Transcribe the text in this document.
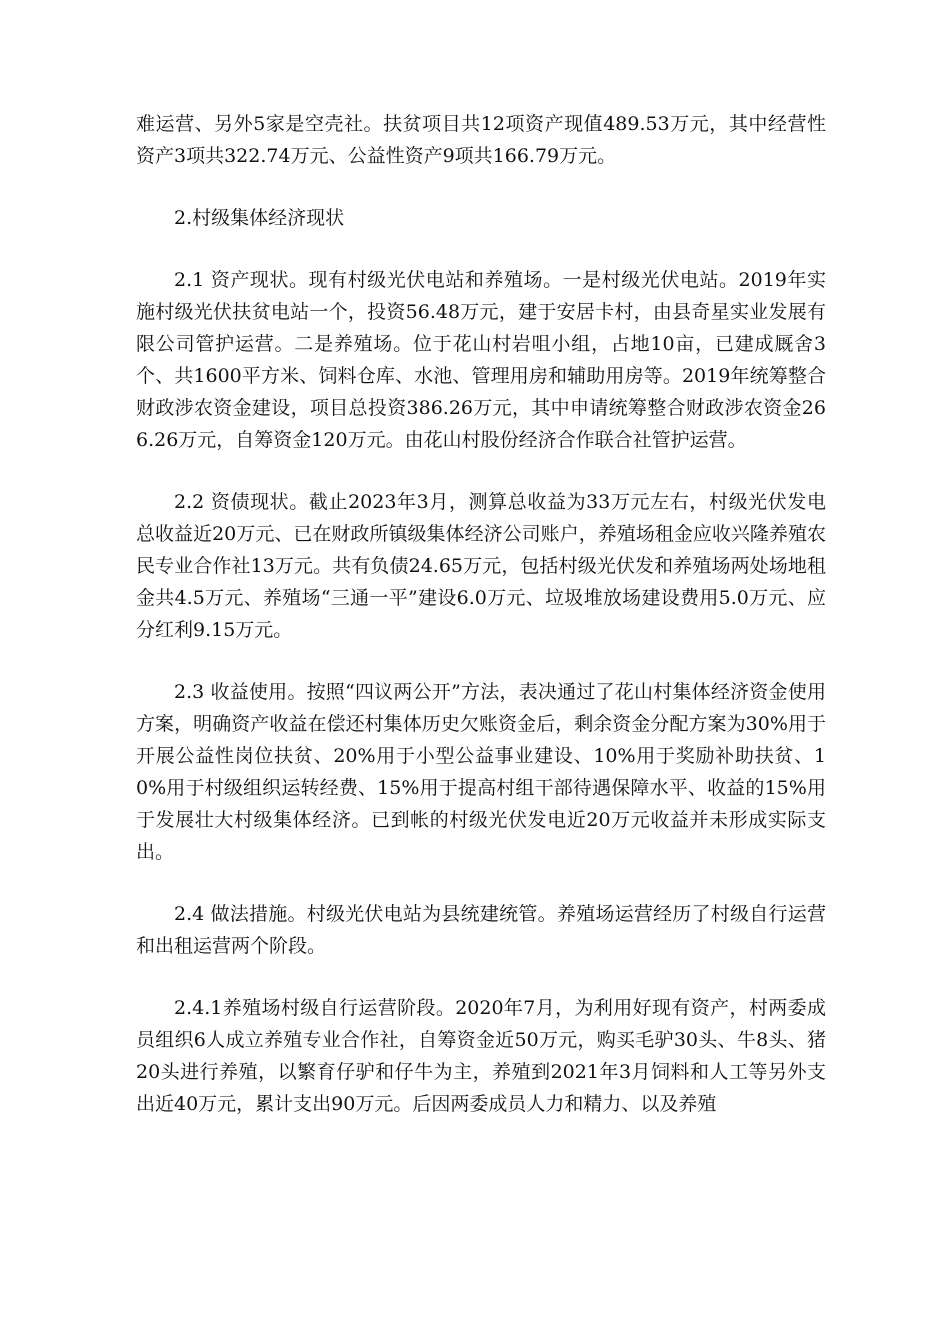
难运营、另外5家是空壳社。扶贫项目共12项资产现值489.53万元，其中经营性资产3项共322.74万元、公益性资产9项共166.79万元。

2.村级集体经济现状

2.1 资产现状。现有村级光伏电站和养殖场。一是村级光伏电站。2019年实施村级光伏扶贫电站一个，投资56.48万元，建于安居卡村，由县奇星实业发展有限公司管护运营。二是养殖场。位于花山村岩咀小组，占地10亩，已建成厩舍3个、共1600平方米、饲料仓库、水池、管理用房和辅助用房等。2019年统筹整合财政涉农资金建设，项目总投资386.26万元，其中申请统筹整合财政涉农资金266.26万元，自筹资金120万元。由花山村股份经济合作联合社管护运营。

2.2 资债现状。截止2023年3月，测算总收益为33万元左右，村级光伏发电总收益近20万元、已在财政所镇级集体经济公司账户，养殖场租金应收兴隆养殖农民专业合作社13万元。共有负债24.65万元，包括村级光伏发和养殖场两处场地租金共4.5万元、养殖场“三通一平”建设6.0万元、垃圾堆放场建设费用5.0万元、应分红利9.15万元。

2.3 收益使用。按照“四议两公开”方法，表决通过了花山村集体经济资金使用方案，明确资产收益在偿还村集体历史欠账资金后，剩余资金分配方案为30%用于开展公益性岗位扶贫、20%用于小型公益事业建设、10%用于奖励补助扶贫、10%用于村级组织运转经费、15%用于提高村组干部待遇保障水平、收益的15%用于发展壮大村级集体经济。已到帐的村级光伏发电近20万元收益并未形成实际支出。

2.4 做法措施。村级光伏电站为县统建统管。养殖场运营经历了村级自行运营和出租运营两个阶段。

2.4.1养殖场村级自行运营阶段。2020年7月，为利用好现有资产，村两委成员组织6人成立养殖专业合作社，自筹资金近50万元，购买毛驴30头、牛8头、猪20头进行养殖，以繁育仔驴和仔牛为主，养殖到2021年3月饲料和人工等另外支出近40万元，累计支出90万元。后因两委成员人力和精力、以及养殖
